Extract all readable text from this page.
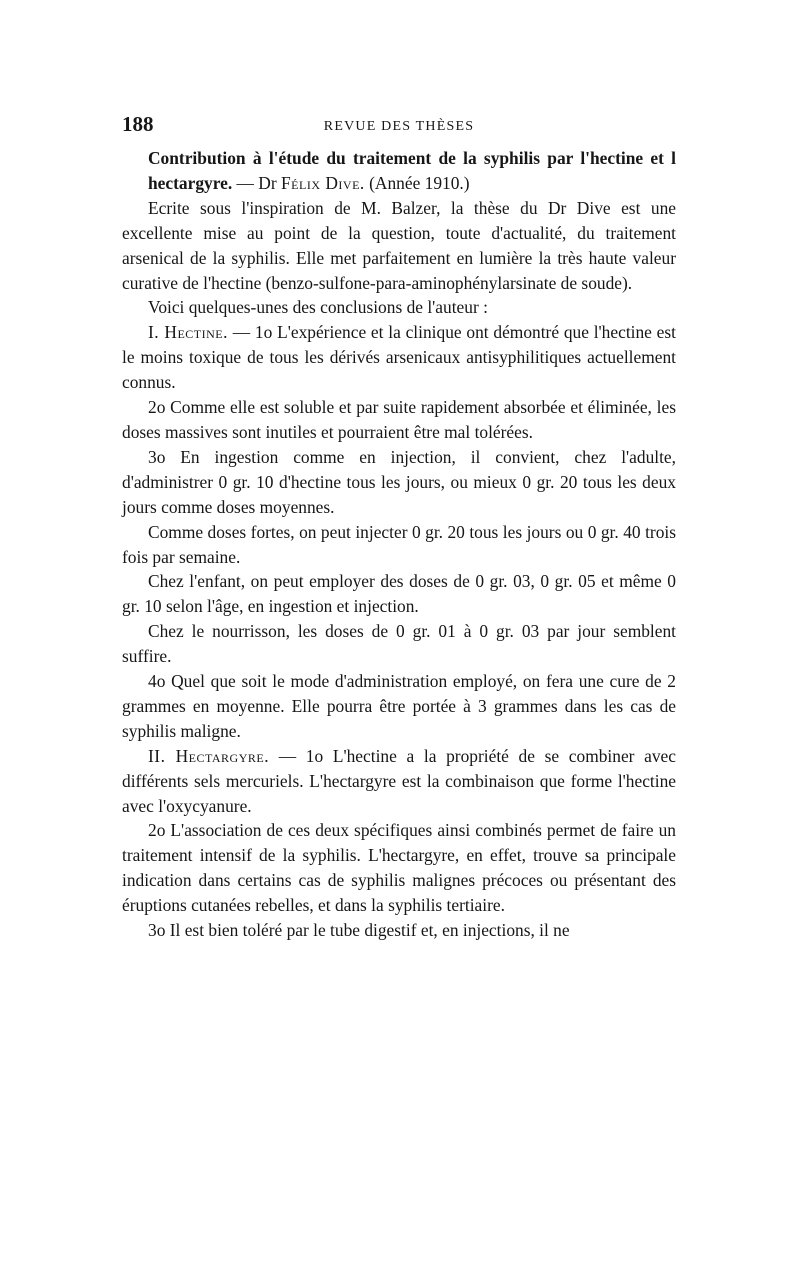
188	REVUE DES THÈSES

Contribution à l'étude du traitement de la syphilis par l'hectine et l hectargyre. — Dr Félix Dive. (Année 1910.)

Ecrite sous l'inspiration de M. Balzer, la thèse du Dr Dive est une excellente mise au point de la question, toute d'actualité, du traitement arsenical de la syphilis. Elle met parfaitement en lumière la très haute valeur curative de l'hectine (benzo-sulfone-para-aminophénylarsinate de soude).

Voici quelques-unes des conclusions de l'auteur :

I. Hectine. — 1o L'expérience et la clinique ont démontré que l'hectine est le moins toxique de tous les dérivés arsenicaux antisyphilitiques actuellement connus.

2o Comme elle est soluble et par suite rapidement absorbée et éliminée, les doses massives sont inutiles et pourraient être mal tolérées.

3o En ingestion comme en injection, il convient, chez l'adulte, d'administrer 0 gr. 10 d'hectine tous les jours, ou mieux 0 gr. 20 tous les deux jours comme doses moyennes.

Comme doses fortes, on peut injecter 0 gr. 20 tous les jours ou 0 gr. 40 trois fois par semaine.

Chez l'enfant, on peut employer des doses de 0 gr. 03, 0 gr. 05 et même 0 gr. 10 selon l'âge, en ingestion et injection.

Chez le nourrisson, les doses de 0 gr. 01 à 0 gr. 03 par jour semblent suffire.

4o Quel que soit le mode d'administration employé, on fera une cure de 2 grammes en moyenne. Elle pourra être portée à 3 grammes dans les cas de syphilis maligne.

II. Hectargyre. — 1o L'hectine a la propriété de se combiner avec différents sels mercuriels. L'hectargyre est la combinaison que forme l'hectine avec l'oxycyanure.

2o L'association de ces deux spécifiques ainsi combinés permet de faire un traitement intensif de la syphilis. L'hectargyre, en effet, trouve sa principale indication dans certains cas de syphilis malignes précoces ou présentant des éruptions cutanées rebelles, et dans la syphilis tertiaire.

3o Il est bien toléré par le tube digestif et, en injections, il ne
